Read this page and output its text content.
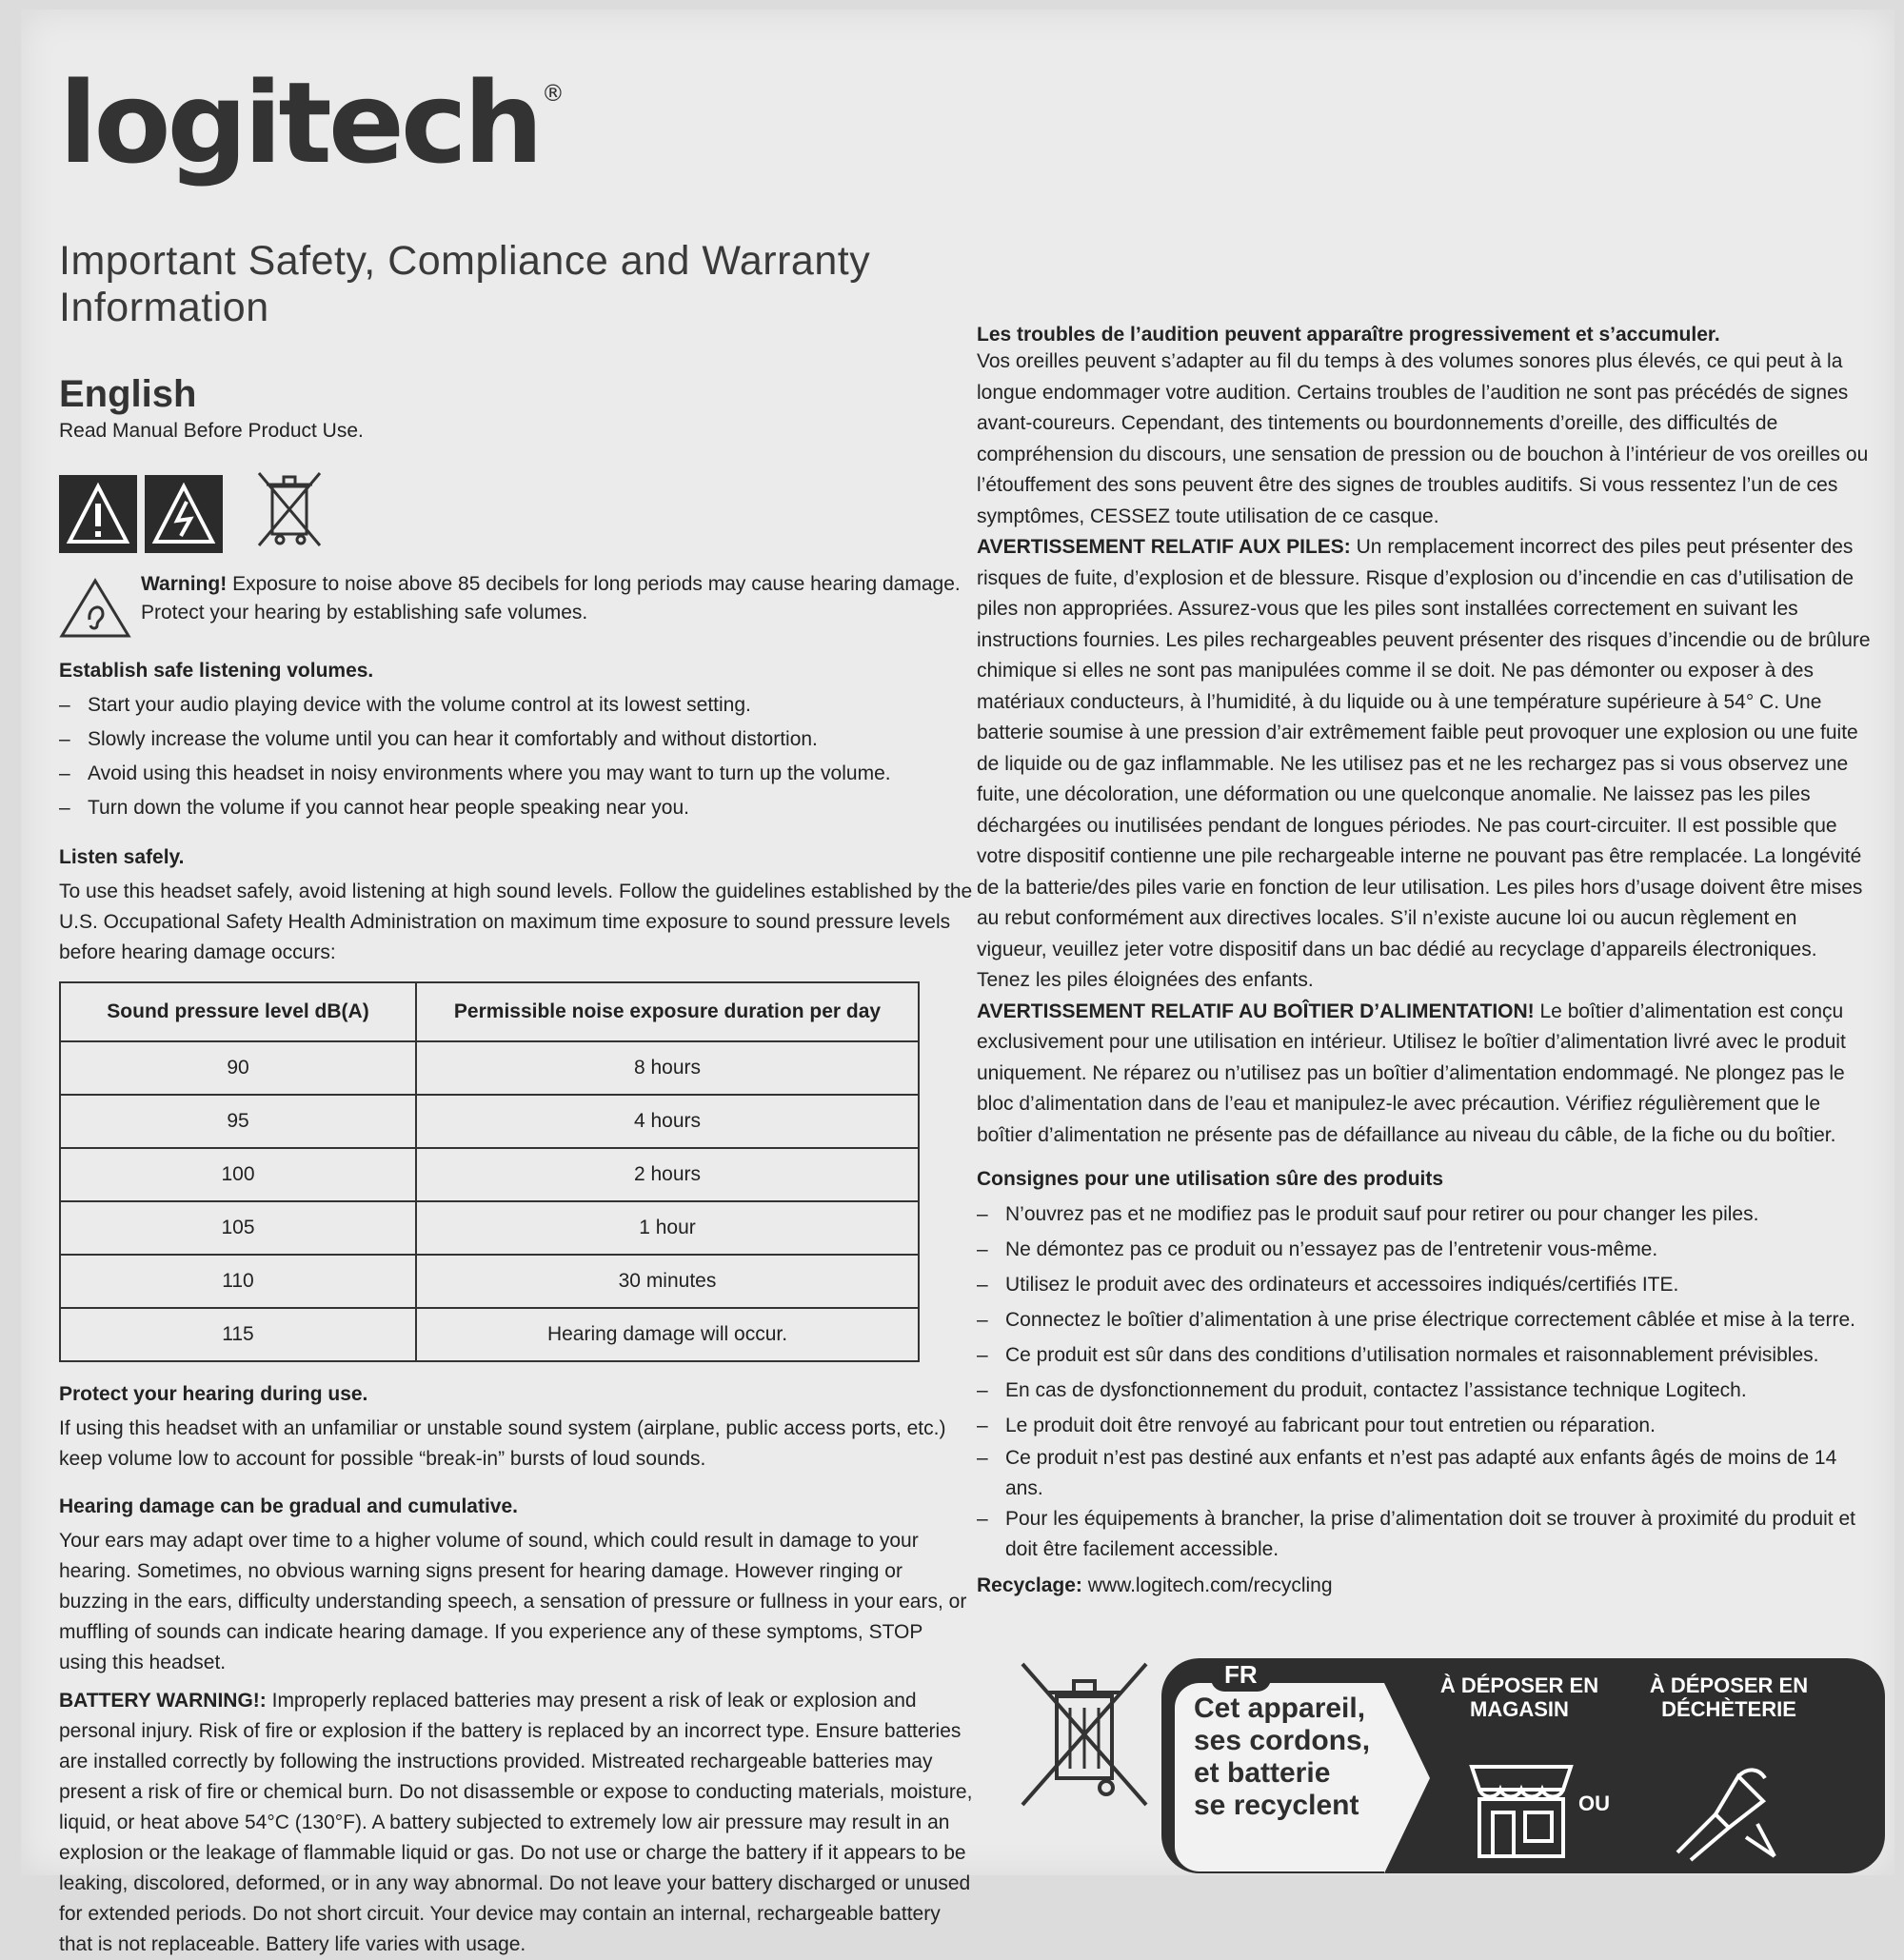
logitech ®
Important Safety, Compliance and Warranty Information
English
Read Manual Before Product Use.
Warning! Exposure to noise above 85 decibels for long periods may cause hearing damage. Protect your hearing by establishing safe volumes.
Establish safe listening volumes.
– Start your audio playing device with the volume control at its lowest setting.
– Slowly increase the volume until you can hear it comfortably and without distortion.
– Avoid using this headset in noisy environments where you may want to turn up the volume.
– Turn down the volume if you cannot hear people speaking near you.
Listen safely.

To use this headset safely, avoid listening at high sound levels. Follow the guidelines established by the U.S. Occupational Safety Health Administration on maximum time exposure to sound pressure levels before hearing damage occurs:

Sound pressure level dB(A)	Permissible noise exposure duration per day
90	8 hours
95	4 hours
100	2 hours
105	1 hour
110	30 minutes
115	Hearing damage will occur.
Protect your hearing during use.

If using this headset with an unfamiliar or unstable sound system (airplane, public access ports, etc.) keep volume low to account for possible “break-in” bursts of loud sounds.

Hearing damage can be gradual and cumulative.

Your ears may adapt over time to a higher volume of sound, which could result in damage to your hearing. Sometimes, no obvious warning signs present for hearing damage. However ringing or buzzing in the ears, difficulty understanding speech, a sensation of pressure or fullness in your ears, or muffling of sounds can indicate hearing damage. If you experience any of these symptoms, STOP using this headset.

BATTERY WARNING!: Improperly replaced batteries may present a risk of leak or explosion and personal injury. Risk of fire or explosion if the battery is replaced by an incorrect type. Ensure batteries are installed correctly by following the instructions provided. Mistreated rechargeable batteries may present a risk of fire or chemical burn. Do not disassemble or expose to conducting materials, moisture, liquid, or heat above 54°C (130°F). A battery subjected to extremely low air pressure may result in an explosion or the leakage of flammable liquid or gas. Do not use or charge the battery if it appears to be leaking, discolored, deformed, or in any way abnormal. Do not leave your battery discharged or unused for extended periods. Do not short circuit. Your device may contain an internal, rechargeable battery that is not replaceable. Battery life varies with usage.

Les troubles de l’audition peuvent apparaître progressivement et s’accumuler.

Vos oreilles peuvent s’adapter au fil du temps à des volumes sonores plus élevés, ce qui peut à la longue endommager votre audition. Certains troubles de l’audition ne sont pas précédés de signes avant-coureurs. Cependant, des tintements ou bourdonnements d’oreille, des difficultés de compréhension du discours, une sensation de pression ou de bouchon à l’intérieur de vos oreilles ou l’étouffement des sons peuvent être des signes de troubles auditifs. Si vous ressentez l’un de ces symptômes, CESSEZ toute utilisation de ce casque.

AVERTISSEMENT RELATIF AUX PILES: Un remplacement incorrect des piles peut présenter des risques de fuite, d’explosion et de blessure. Risque d’explosion ou d’incendie en cas d’utilisation de piles non appropriées. Assurez-vous que les piles sont installées correctement en suivant les instructions fournies. Les piles rechargeables peuvent présenter des risques d’incendie ou de brûlure chimique si elles ne sont pas manipulées comme il se doit. Ne pas démonter ou exposer à des matériaux conducteurs, à l’humidité, à du liquide ou à une température supérieure à 54° C. Une batterie soumise à une pression d’air extrêmement faible peut provoquer une explosion ou une fuite de liquide ou de gaz inflammable. Ne les utilisez pas et ne les rechargez pas si vous observez une fuite, une décoloration, une déformation ou une quelconque anomalie. Ne laissez pas les piles déchargées ou inutilisées pendant de longues périodes. Ne pas court-circuiter. Il est possible que votre dispositif contienne une pile rechargeable interne ne pouvant pas être remplacée. La longévité de la batterie/des piles varie en fonction de leur utilisation. Les piles hors d’usage doivent être mises au rebut conformément aux directives locales. S’il n’existe aucune loi ou aucun règlement en vigueur, veuillez jeter votre dispositif dans un bac dédié au recyclage d’appareils électroniques. Tenez les piles éloignées des enfants.

AVERTISSEMENT RELATIF AU BOÎTIER D’ALIMENTATION! Le boîtier d’alimentation est conçu exclusivement pour une utilisation en intérieur. Utilisez le boîtier d’alimentation livré avec le produit uniquement. Ne réparez ou n’utilisez pas un boîtier d’alimentation endommagé. Ne plongez pas le bloc d’alimentation dans de l’eau et manipulez-le avec précaution. Vérifiez régulièrement que le boîtier d’alimentation ne présente pas de défaillance au niveau du câble, de la fiche ou du boîtier.

Consignes pour une utilisation sûre des produits
– N’ouvrez pas et ne modifiez pas le produit sauf pour retirer ou pour changer les piles.
– Ne démontez pas ce produit ou n’essayez pas de l’entretenir vous-même.
– Utilisez le produit avec des ordinateurs et accessoires indiqués/certifiés ITE.
– Connectez le boîtier d’alimentation à une prise électrique correctement câblée et mise à la terre.
– Ce produit est sûr dans des conditions d’utilisation normales et raisonnablement prévisibles.
– En cas de dysfonctionnement du produit, contactez l’assistance technique Logitech.
– Le produit doit être renvoyé au fabricant pour tout entretien ou réparation.
– Ce produit n’est pas destiné aux enfants et n’est pas adapté aux enfants âgés de moins de 14 ans.
– Pour les équipements à brancher, la prise d’alimentation doit se trouver à proximité du produit et doit être facilement accessible.

Recyclage: www.logitech.com/recycling

Cet appareil,
ses cordons,
et batterie
se recyclent
FR	À DÉPOSER EN MAGASIN
À DÉPOSER EN DÉCHÈTERIE
OU
